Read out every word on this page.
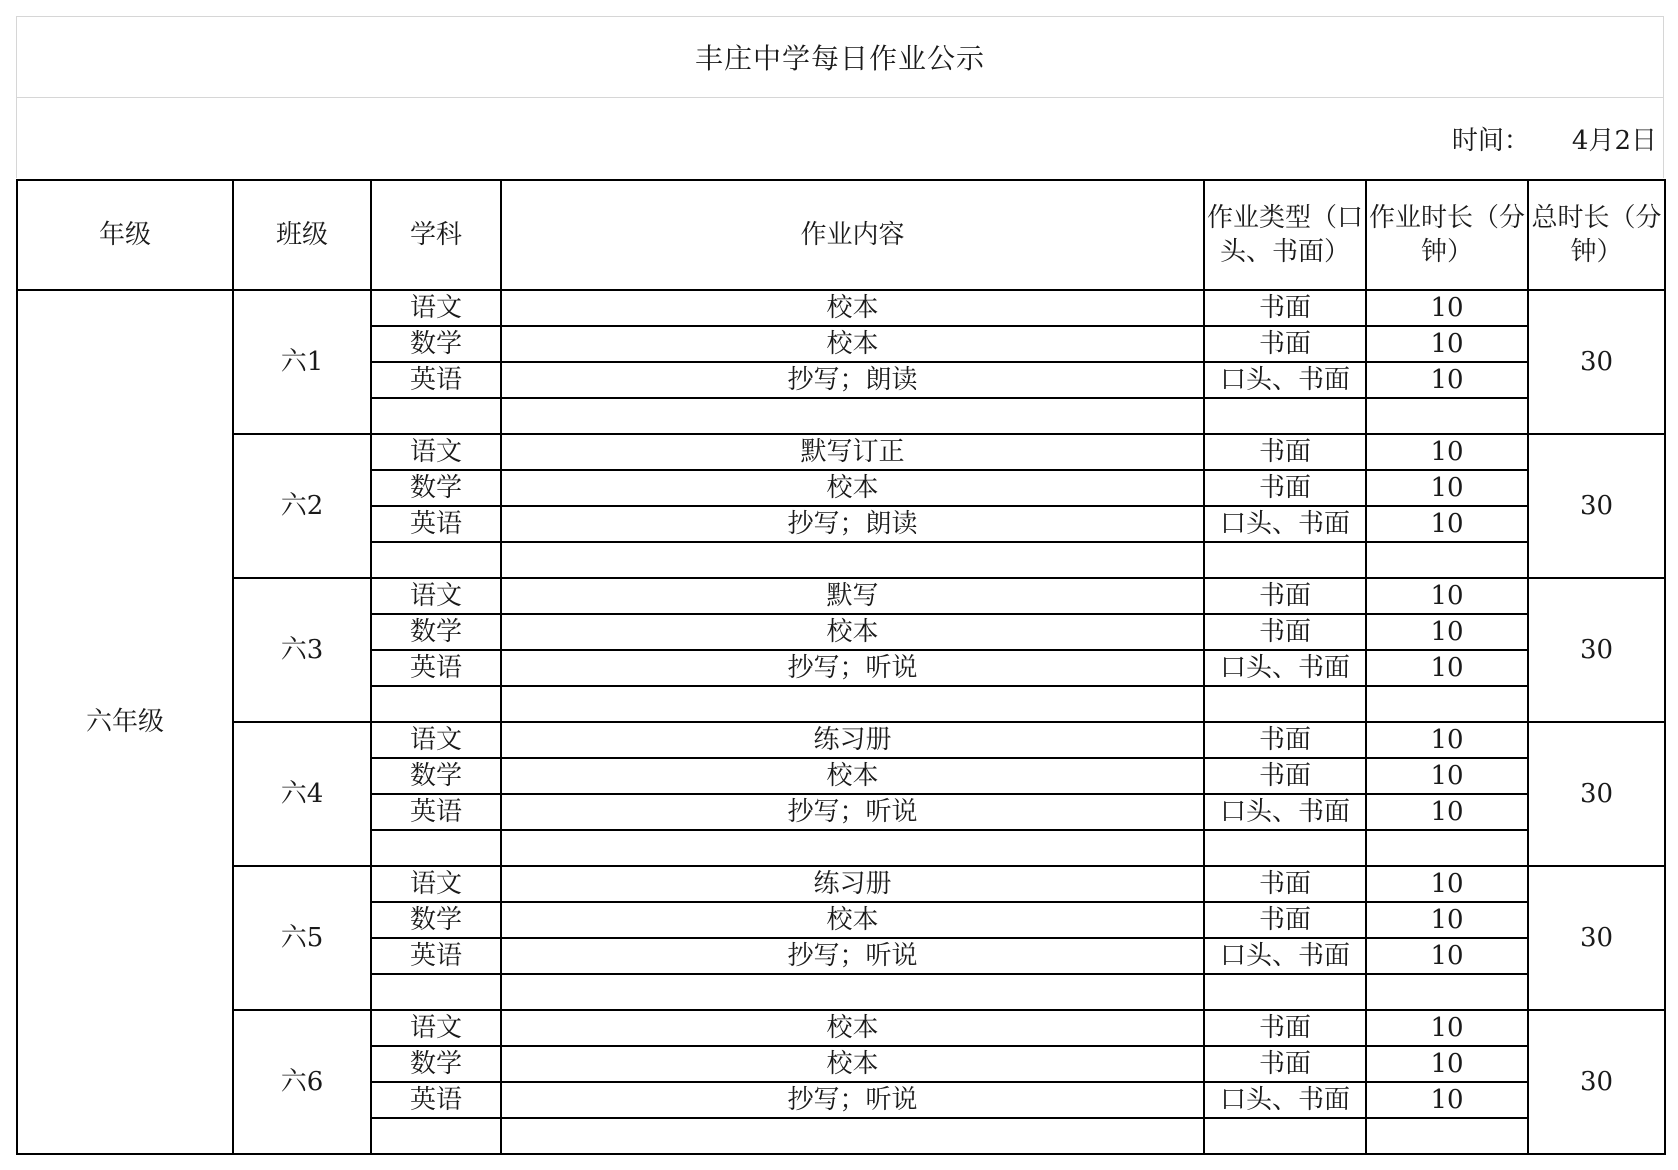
丰庄中学每日作业公示
时间： 4月2日
年级	班级	学科	作业内容	作业类型（口头、书面）	作业时长（分钟）	总时长（分钟）
六年级	六1	语文	校本	书面	10	30
		数学	校本	书面	10	
		英语	抄写；朗读	口头、书面	10	

	六2	语文	默写订正	书面	10	30
		数学	校本	书面	10	
		英语	抄写；朗读	口头、书面	10	

	六3	语文	默写	书面	10	30
		数学	校本	书面	10	
		英语	抄写；听说	口头、书面	10	

	六4	语文	练习册	书面	10	30
		数学	校本	书面	10	
		英语	抄写；听说	口头、书面	10	

	六5	语文	练习册	书面	10	30
		数学	校本	书面	10	
		英语	抄写；听说	口头、书面	10	

	六6	语文	校本	书面	10	30
		数学	校本	书面	10	
		英语	抄写；听说	口头、书面	10	
